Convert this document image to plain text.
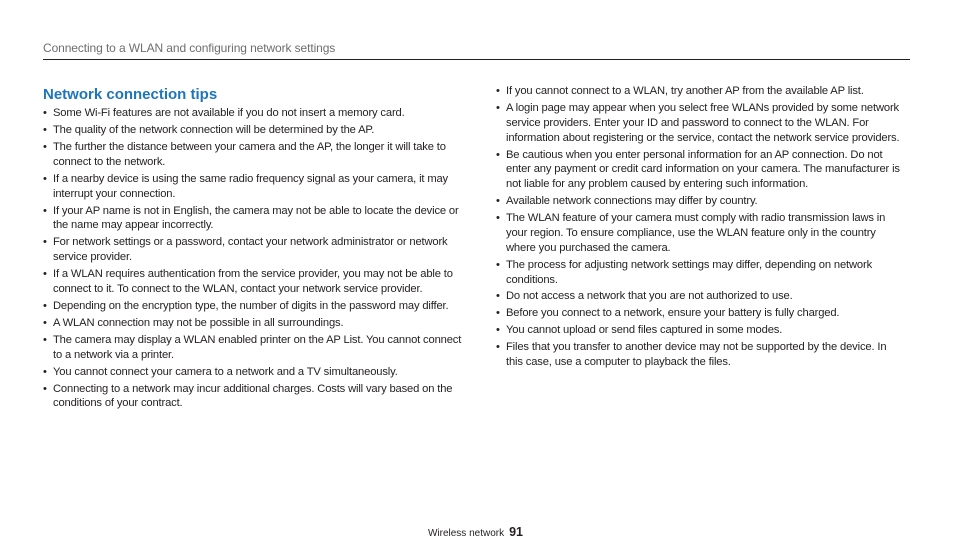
Connecting to a WLAN and configuring network settings
Network connection tips
• Some Wi-Fi features are not available if you do not insert a memory card.
• The quality of the network connection will be determined by the AP.
• The further the distance between your camera and the AP, the longer it will take to connect to the network.
• If a nearby device is using the same radio frequency signal as your camera, it may interrupt your connection.
• If your AP name is not in English, the camera may not be able to locate the device or the name may appear incorrectly.
• For network settings or a password, contact your network administrator or network service provider.
• If a WLAN requires authentication from the service provider, you may not be able to connect to it. To connect to the WLAN, contact your network service provider.
• Depending on the encryption type, the number of digits in the password may differ.
• A WLAN connection may not be possible in all surroundings.
• The camera may display a WLAN enabled printer on the AP List. You cannot connect to a network via a printer.
• You cannot connect your camera to a network and a TV simultaneously.
• Connecting to a network may incur additional charges. Costs will vary based on the conditions of your contract.
• If you cannot connect to a WLAN, try another AP from the available AP list.
• A login page may appear when you select free WLANs provided by some network service providers. Enter your ID and password to connect to the WLAN. For information about registering or the service, contact the network service providers.
• Be cautious when you enter personal information for an AP connection. Do not enter any payment or credit card information on your camera. The manufacturer is not liable for any problem caused by entering such information.
• Available network connections may differ by country.
• The WLAN feature of your camera must comply with radio transmission laws in your region. To ensure compliance, use the WLAN feature only in the country where you purchased the camera.
• The process for adjusting network settings may differ, depending on network conditions.
• Do not access a network that you are not authorized to use.
• Before you connect to a network, ensure your battery is fully charged.
• You cannot upload or send files captured in some modes.
• Files that you transfer to another device may not be supported by the device. In this case, use a computer to playback the files.
Wireless network 91
